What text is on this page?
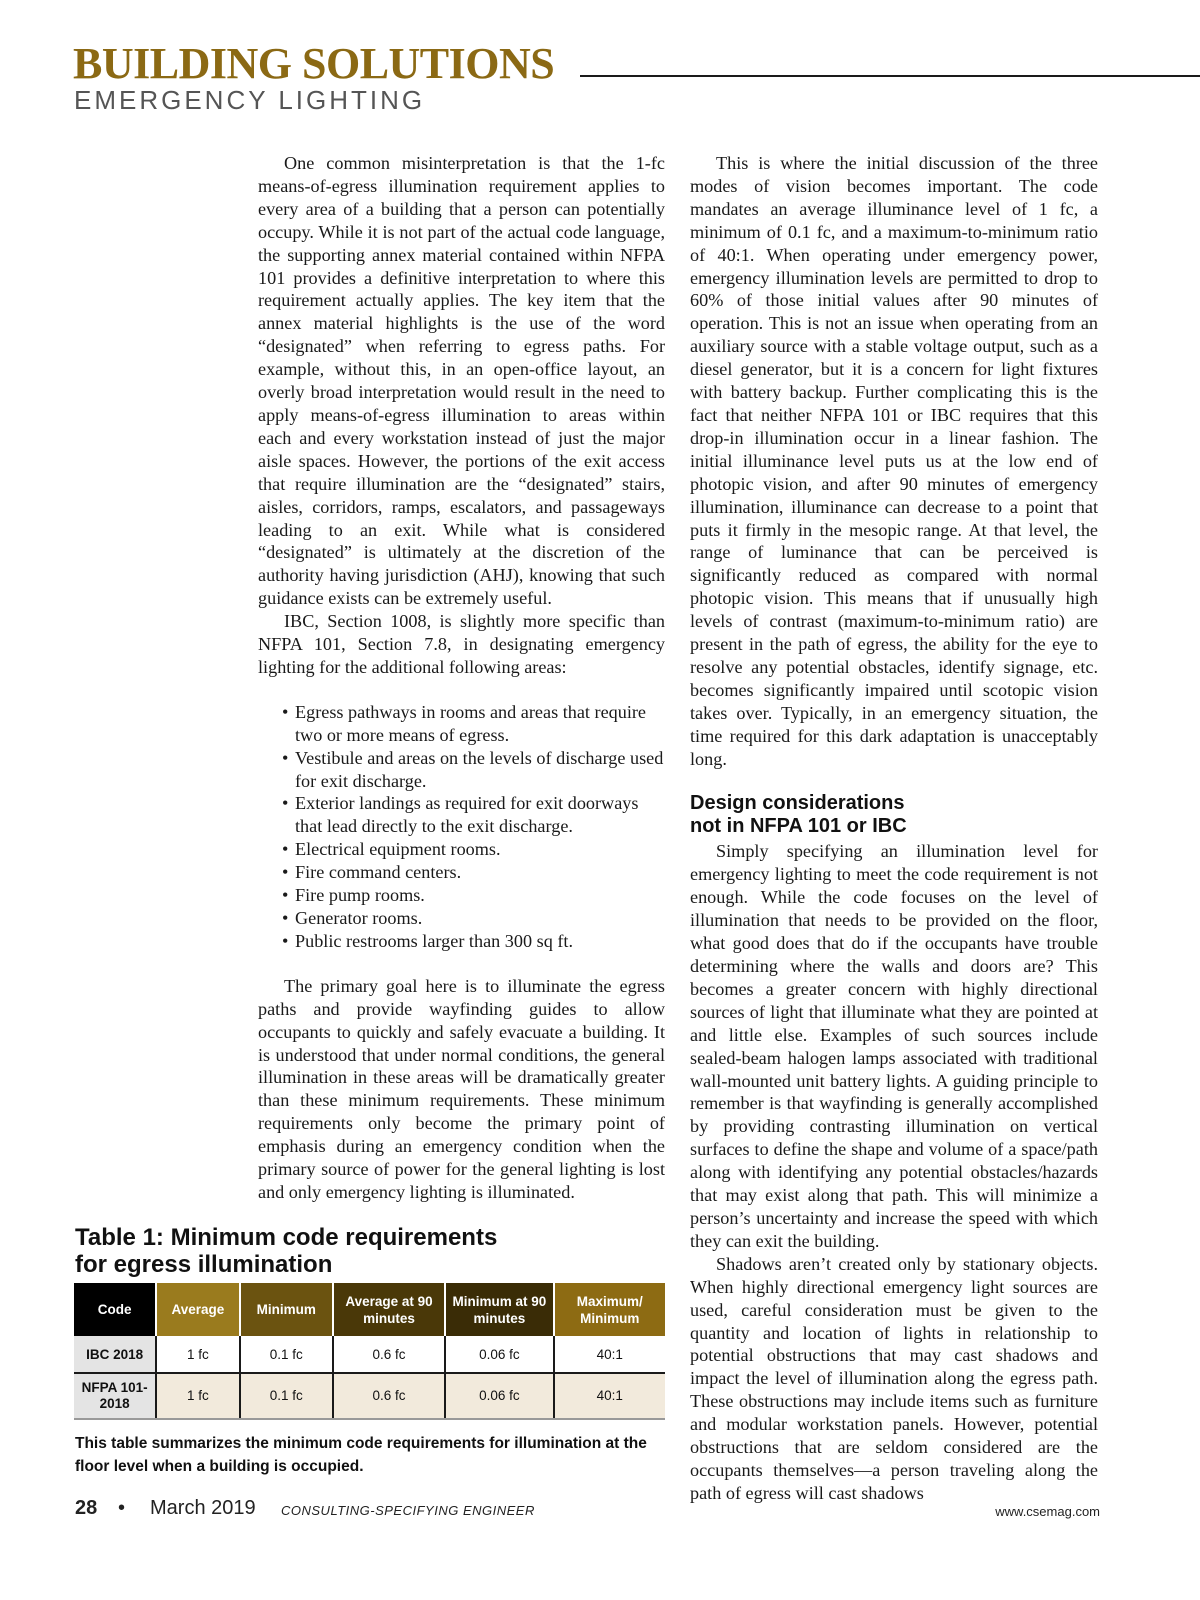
BUILDING SOLUTIONS
EMERGENCY LIGHTING

One common misinterpretation is that the 1-fc means-of-egress illumination requirement applies to every area of a building that a person can potentially occupy. While it is not part of the actual code language, the supporting annex material contained within NFPA 101 provides a definitive interpretation to where this requirement actually applies. The key item that the annex material highlights is the use of the word “designated” when referring to egress paths. For example, without this, in an open-office layout, an overly broad interpretation would result in the need to apply means-of-egress illumination to areas within each and every workstation instead of just the major aisle spaces. However, the portions of the exit access that require illumination are the “designated” stairs, aisles, corridors, ramps, escalators, and passageways leading to an exit. While what is considered “designated” is ultimately at the discretion of the authority having jurisdiction (AHJ), knowing that such guidance exists can be extremely useful.

IBC, Section 1008, is slightly more specific than NFPA 101, Section 7.8, in designating emergency lighting for the additional following areas:

• Egress pathways in rooms and areas that require two or more means of egress.
• Vestibule and areas on the levels of discharge used for exit discharge.
• Exterior landings as required for exit doorways that lead directly to the exit discharge.
• Electrical equipment rooms.
• Fire command centers.
• Fire pump rooms.
• Generator rooms.
• Public restrooms larger than 300 sq ft.

The primary goal here is to illuminate the egress paths and provide wayfinding guides to allow occupants to quickly and safely evacuate a building. It is understood that under normal conditions, the general illumination in these areas will be dramatically greater than these minimum requirements. These minimum requirements only become the primary point of emphasis during an emergency condition when the primary source of power for the general lighting is lost and only emergency lighting is illuminated.

This is where the initial discussion of the three modes of vision becomes important. The code mandates an average illuminance level of 1 fc, a minimum of 0.1 fc, and a maximum-to-minimum ratio of 40:1. When operating under emergency power, emergency illumination levels are permitted to drop to 60% of those initial values after 90 minutes of operation. This is not an issue when operating from an auxiliary source with a stable voltage output, such as a diesel generator, but it is a concern for light fixtures with battery backup. Further complicating this is the fact that neither NFPA 101 or IBC requires that this drop-in illumination occur in a linear fashion. The initial illuminance level puts us at the low end of photopic vision, and after 90 minutes of emergency illumination, illuminance can decrease to a point that puts it firmly in the mesopic range. At that level, the range of luminance that can be perceived is significantly reduced as compared with normal photopic vision. This means that if unusually high levels of contrast (maximum-to-minimum ratio) are present in the path of egress, the ability for the eye to resolve any potential obstacles, identify signage, etc. becomes significantly impaired until scotopic vision takes over. Typically, in an emergency situation, the time required for this dark adaptation is unacceptably long.

Design considerations
not in NFPA 101 or IBC

Simply specifying an illumination level for emergency lighting to meet the code requirement is not enough. While the code focuses on the level of illumination that needs to be provided on the floor, what good does that do if the occupants have trouble determining where the walls and doors are? This becomes a greater concern with highly directional sources of light that illuminate what they are pointed at and little else. Examples of such sources include sealed-beam halogen lamps associated with traditional wall-mounted unit battery lights. A guiding principle to remember is that wayfinding is generally accomplished by providing contrasting illumination on vertical surfaces to define the shape and volume of a space/path along with identifying any potential obstacles/hazards that may exist along that path. This will minimize a person’s uncertainty and increase the speed with which they can exit the building.

Shadows aren’t created only by stationary objects. When highly directional emergency light sources are used, careful consideration must be given to the quantity and location of lights in relationship to potential obstructions that may cast shadows and impact the level of illumination along the egress path. These obstructions may include items such as furniture and modular workstation panels. However, potential obstructions that are seldom considered are the occupants themselves—a person traveling along the path of egress will cast shadows

Table 1: Minimum code requirements
for egress illumination
Code	Average	Minimum	Average at 90 minutes	Minimum at 90 minutes	Maximum/ Minimum
IBC 2018	1 fc	0.1 fc	0.6 fc	0.06 fc	40:1
NFPA 101-2018	1 fc	0.1 fc	0.6 fc	0.06 fc	40:1

This table summarizes the minimum code requirements for illumination at the floor level when a building is occupied.

28 • March 2019 CONSULTING-SPECIFYING ENGINEER	www.csemag.com
